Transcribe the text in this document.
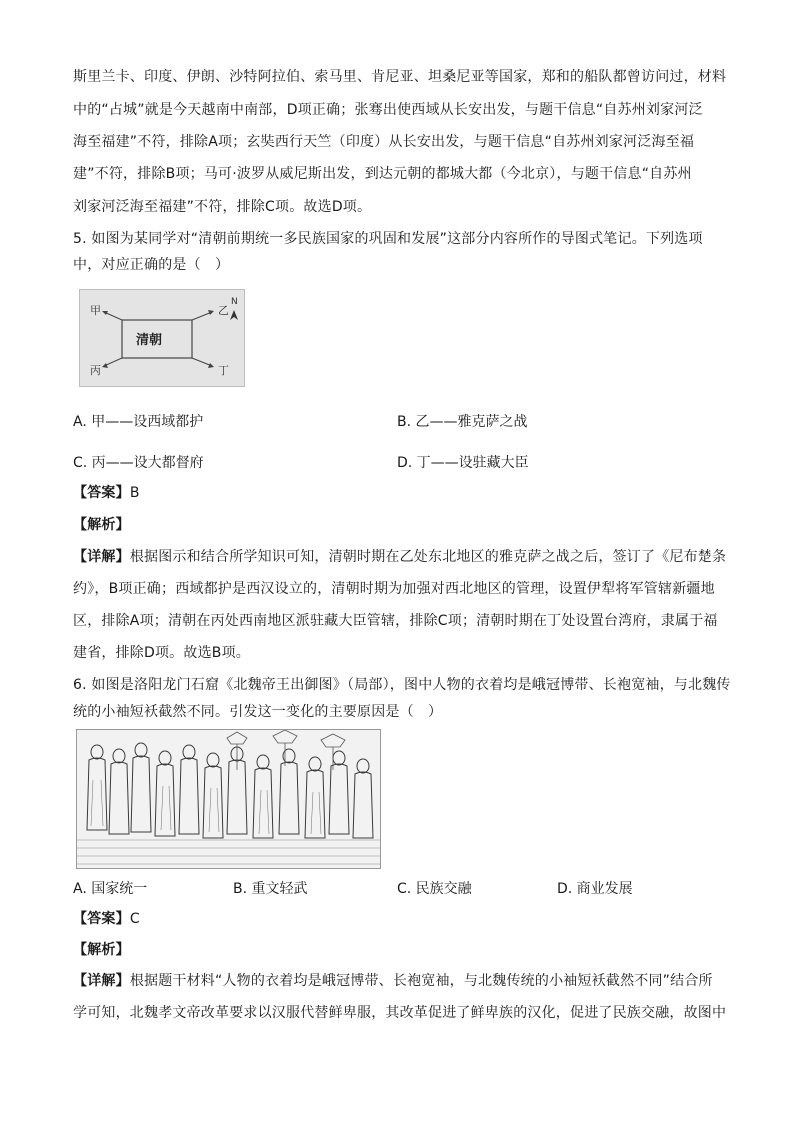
斯里兰卡、印度、伊朗、沙特阿拉伯、索马里、肯尼亚、坦桑尼亚等国家，郑和的船队都曾访问过，材料
中的“占城”就是今天越南中南部，D项正确；张骞出使西域从长安出发，与题干信息“自苏州刘家河泛
海至福建”不符，排除A项；玄奘西行天竺（印度）从长安出发，与题干信息“自苏州刘家河泛海至福
建”不符，排除B项；马可·波罗从威尼斯出发，到达元朝的都城大都（今北京），与题干信息“自苏州
刘家河泛海至福建”不符，排除C项。故选D项。
5. 如图为某同学对“清朝前期统一多民族国家的巩固和发展”这部分内容所作的导图式笔记。下列选项
中，对应正确的是（　）
清朝
甲	乙
丙	丁
N
A. 甲——设西域都护	B. 乙——雅克萨之战
C. 丙——设大都督府	D. 丁——设驻藏大臣
【答案】B
【解析】
【详解】根据图示和结合所学知识可知，清朝时期在乙处东北地区的雅克萨之战之后，签订了《尼布楚条
约》，B项正确；西域都护是西汉设立的，清朝时期为加强对西北地区的管理，设置伊犁将军管辖新疆地
区，排除A项；清朝在丙处西南地区派驻藏大臣管辖，排除C项；清朝时期在丁处设置台湾府，隶属于福
建省，排除D项。故选B项。
6. 如图是洛阳龙门石窟《北魏帝王出御图》（局部），图中人物的衣着均是峨冠博带、长袍宽袖，与北魏传
统的小袖短袄截然不同。引发这一变化的主要原因是（　）
A. 国家统一	B. 重文轻武	C. 民族交融	D. 商业发展
【答案】C
【解析】
【详解】根据题干材料“人物的衣着均是峨冠博带、长袍宽袖，与北魏传统的小袖短袄截然不同”结合所
学可知，北魏孝文帝改革要求以汉服代替鲜卑服，其改革促进了鲜卑族的汉化，促进了民族交融，故图中
